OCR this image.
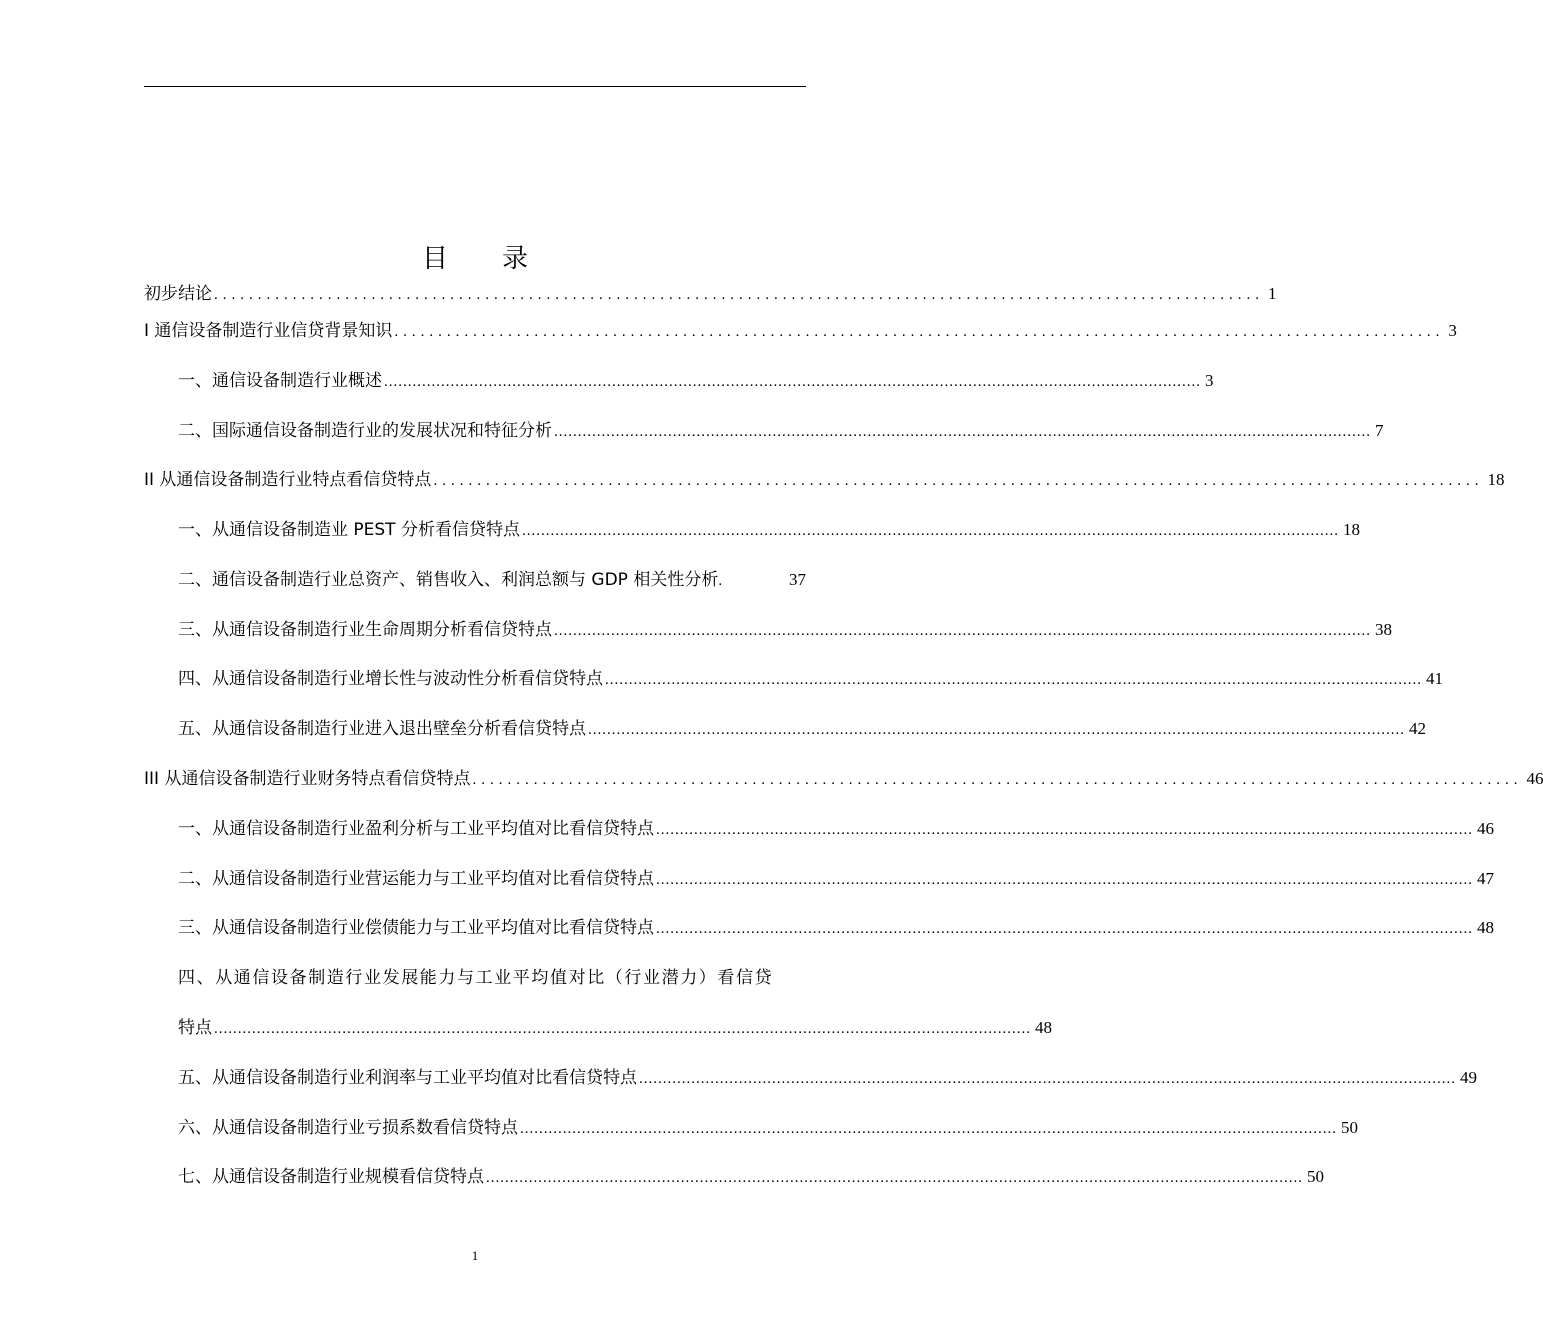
目　录
初步结论 ........................................................................................................................ 1
I 通信设备制造行业信贷背景知识 ........................................................................................................................ 3
一、通信设备制造行业概述 ............................................................................................................................................................................ 3
二、国际通信设备制造行业的发展状况和特征分析 ............................................................................................................................................................................ 7
II 从通信设备制造行业特点看信贷特点 ........................................................................................................................ 18
一、从通信设备制造业 PEST 分析看信贷特点 ............................................................................................................................................................................ 18
二、通信设备制造行业总资产、销售收入、利润总额与 GDP 相关性分析 .	37
三、从通信设备制造行业生命周期分析看信贷特点 ............................................................................................................................................................................ 38
四、从通信设备制造行业增长性与波动性分析看信贷特点 ............................................................................................................................................................................ 41
五、从通信设备制造行业进入退出壁垒分析看信贷特点 ............................................................................................................................................................................ 42
III 从通信设备制造行业财务特点看信贷特点 ........................................................................................................................ 46
一、从通信设备制造行业盈利分析与工业平均值对比看信贷特点 ............................................................................................................................................................................ 46
二、从通信设备制造行业营运能力与工业平均值对比看信贷特点 ............................................................................................................................................................................ 47
三、从通信设备制造行业偿债能力与工业平均值对比看信贷特点 ............................................................................................................................................................................ 48
四、从通信设备制造行业发展能力与工业平均值对比（行业潜力）看信贷
特点 ............................................................................................................................................................................ 48
五、从通信设备制造行业利润率与工业平均值对比看信贷特点 ............................................................................................................................................................................ 49
六、从通信设备制造行业亏损系数看信贷特点 ............................................................................................................................................................................ 50
七、从通信设备制造行业规模看信贷特点 ............................................................................................................................................................................ 50
1
